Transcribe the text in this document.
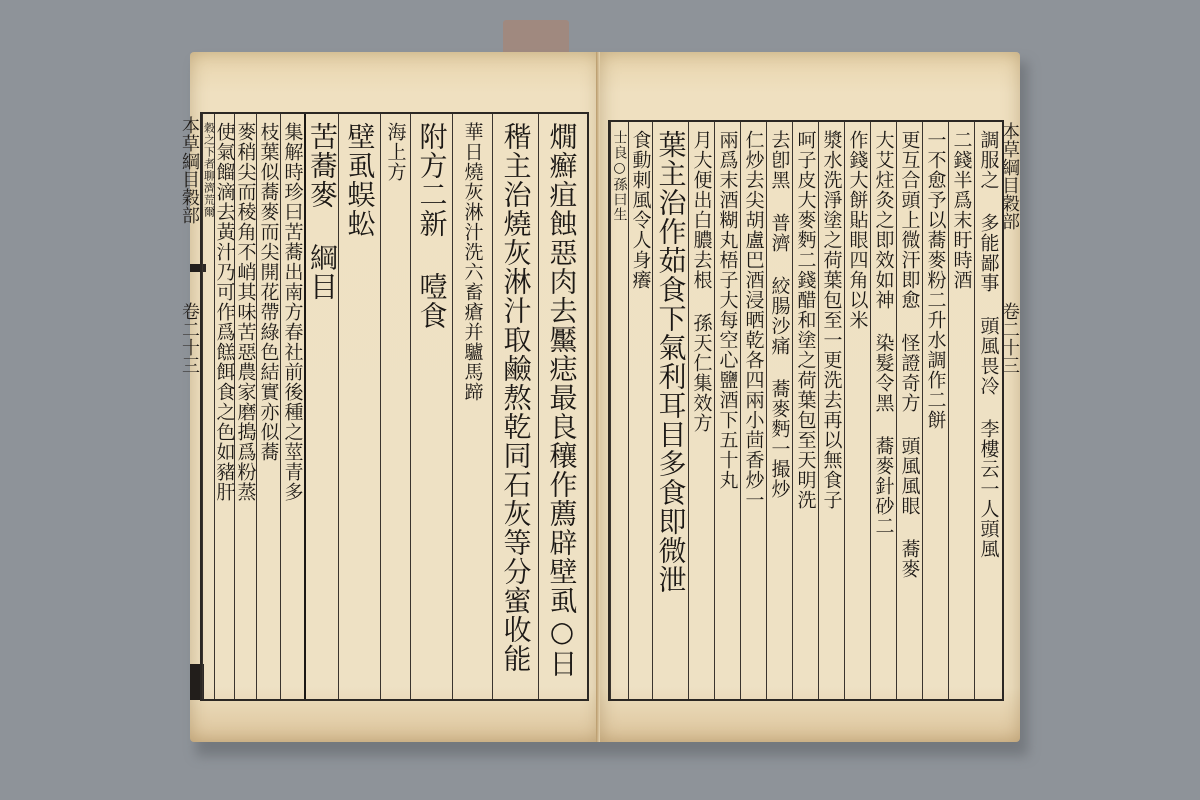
本草綱目穀部
卷二十三	燗癬疽蝕惡肉去黶痣最良穰作薦辟壁虱○日
稭主治燒灰淋汁取鹼熬乾同石灰等分蜜收能
華日燒灰淋汁洗六畜瘡并驢馬蹄
附方二新 噎食
海上方
壁虱蜈蚣
苦蕎麥 綱目
集解時珍曰苦蕎出南方春社前後種之莖青多
枝葉似蕎麥而尖開花帶綠色結實亦似蕎
麥稍尖而稜角不峭其味苦惡農家磨搗爲粉蒸
使氣餾滴去黃汁乃可作爲餻餌食之色如豬肝
穀之下者聊濟荒爾	本草綱目穀部
卷二十三
調服之 多能鄙事 頭風畏冷 李樓云一人頭風
二錢半爲末盱時酒
一不愈予以蕎麥粉二升水調作二餅
更互合頭上微汗即愈 怪證奇方 頭風風眼 蕎麥
大艾炷灸之即效如神 染髮令黑 蕎麥針砂二
作錢大餅貼眼四角以米
漿水洗淨塗之荷葉包至一更洗去再以無食子
呵子皮大麥麪二錢醋和塗之荷葉包至天明洗
去卽黑 普濟 絞腸沙痛 蕎麥麪一撮炒
仁炒去尖胡盧巴酒浸晒乾各四兩小茴香炒一
兩爲末酒糊丸梧子大每空心鹽酒下五十丸
月大便出白膿去根 孫天仁集效方
葉主治作茹食下氣利耳目多食即微泄
食動刺風令人身癢
士良○孫曰生
